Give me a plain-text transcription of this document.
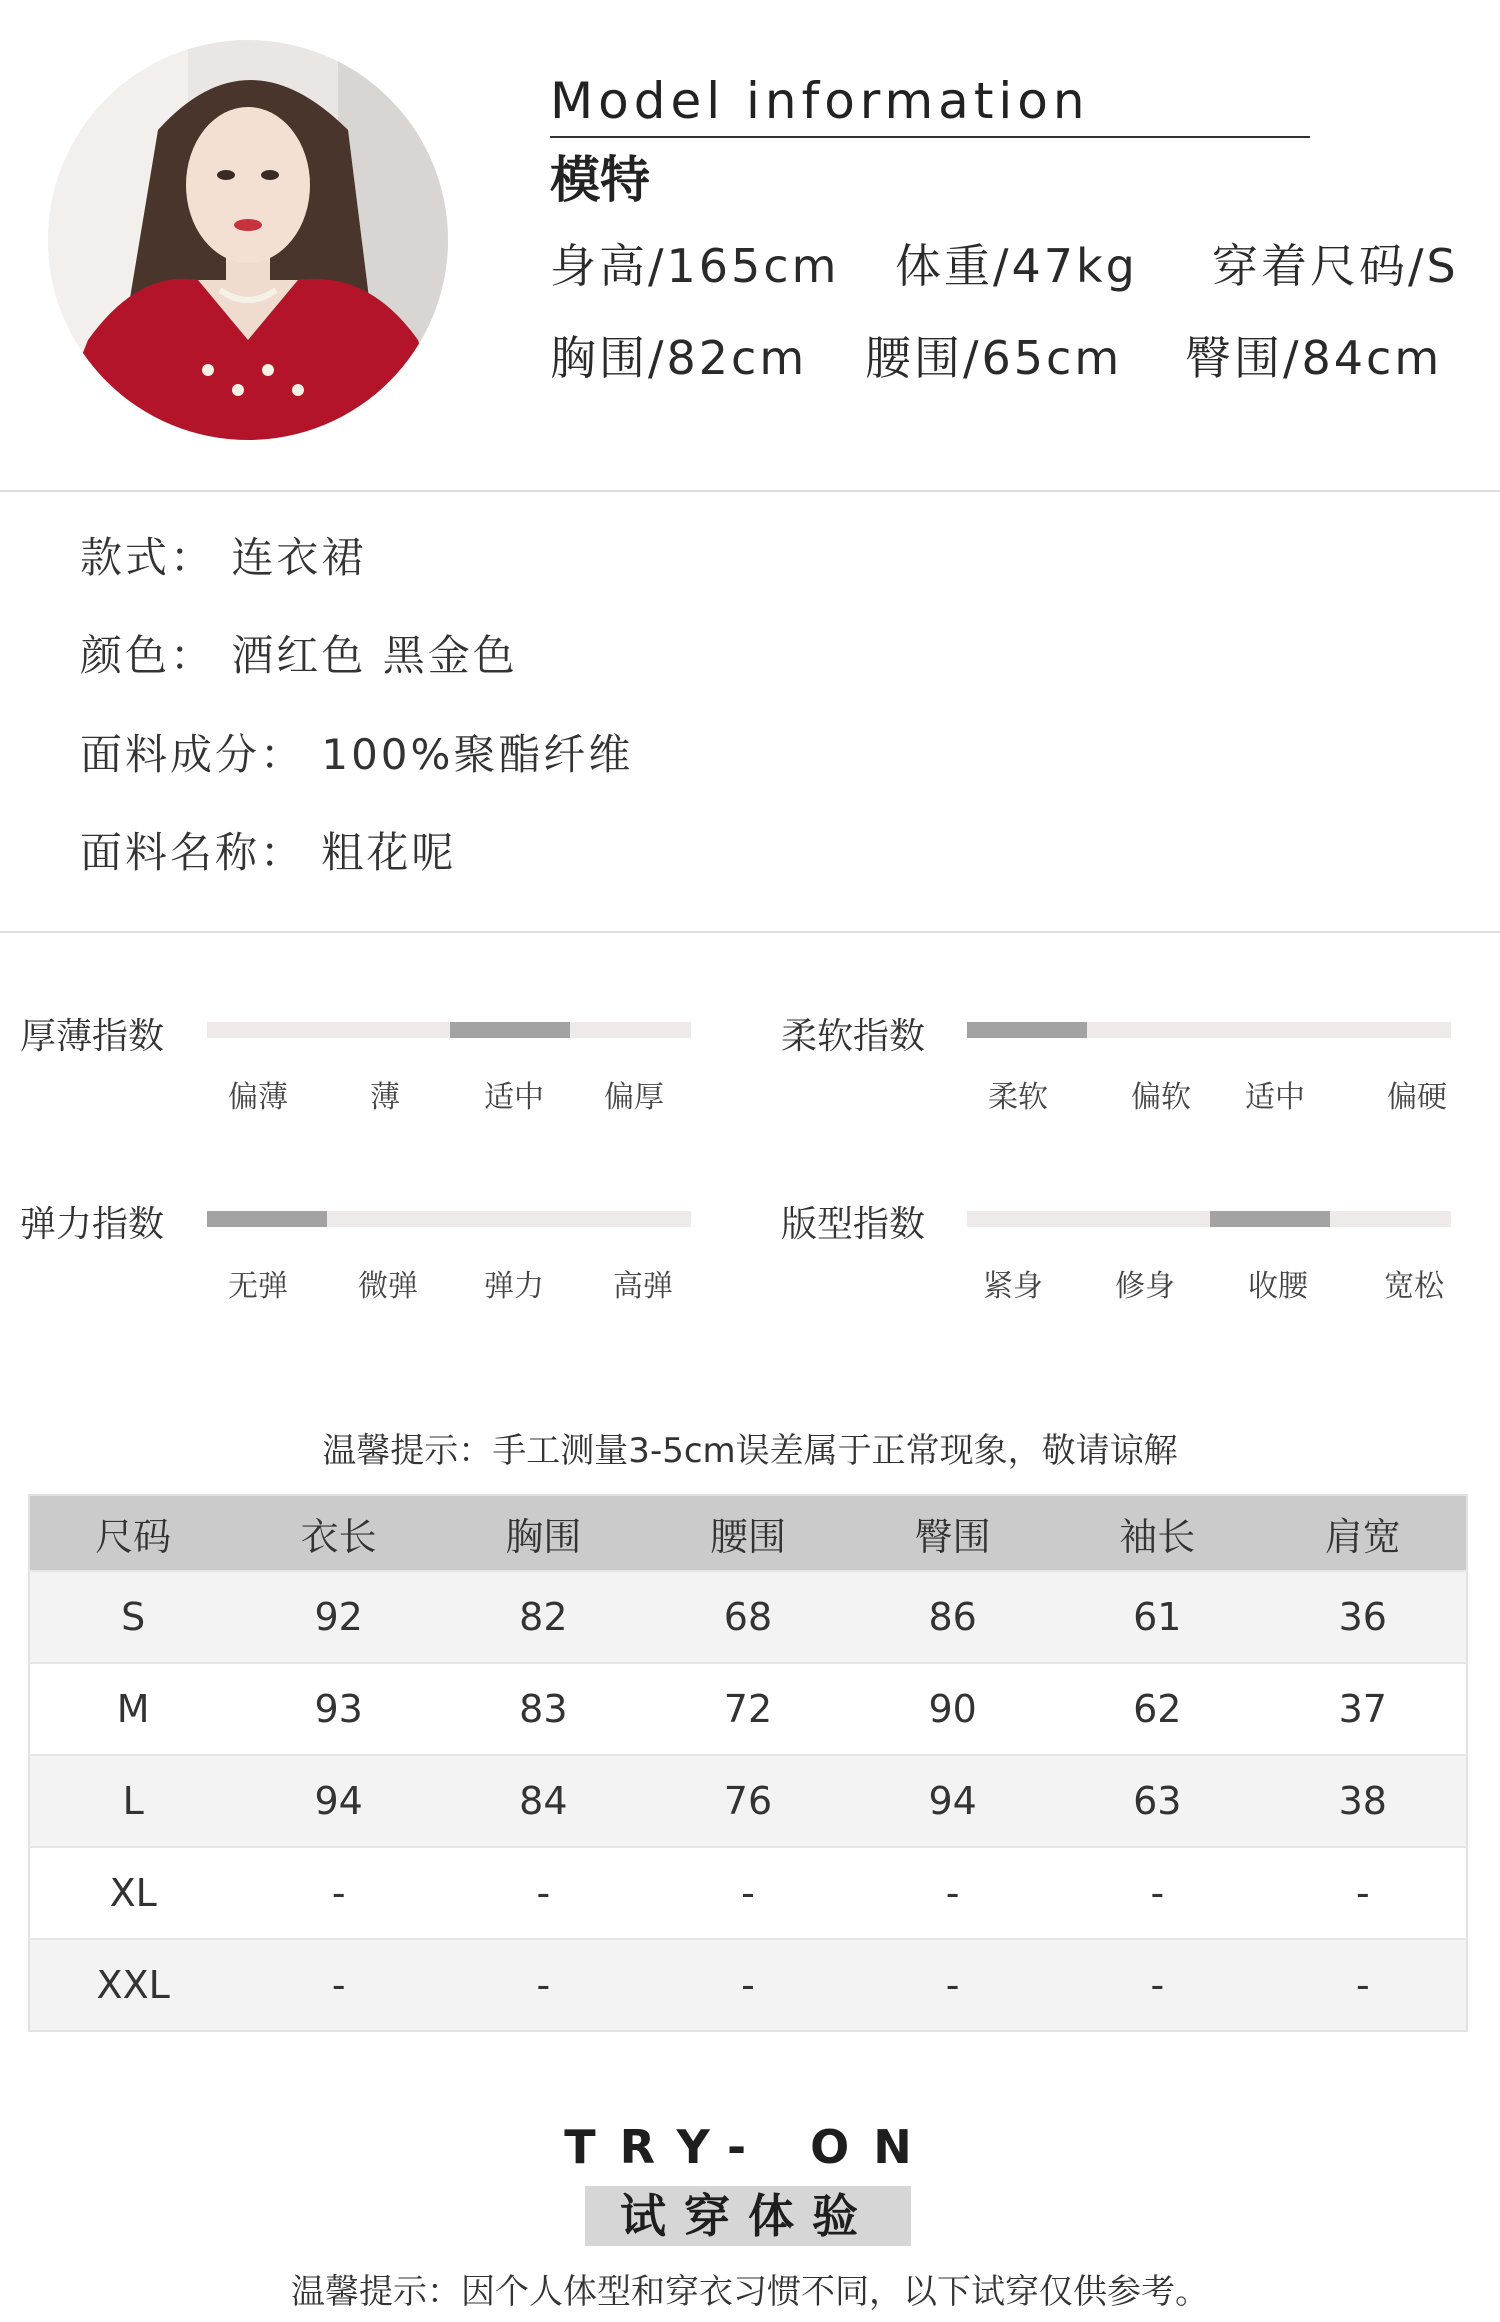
Model information
模特
身高/165cm 体重/47kg 穿着尺码/S
胸围/82cm 腰围/65cm 臀围/84cm
款式： 连衣裙
颜色： 酒红色 黑金色
面料成分： 100%聚酯纤维
面料名称： 粗花呢
厚薄指数
偏薄	薄	适中 偏厚
柔软指数
柔软	偏软 适中	偏硬
弹力指数
无弹 微弹 弹力 高弹
版型指数
紧身 修身 收腰	宽松
温馨提示：手工测量3-5cm误差属于正常现象，敬请谅解
尺码	衣长	胸围	腰围	臀围	袖长	肩宽
S	92	82	68	86	61	36
M	93	83	72	90	62	37
L	94	84	76	94	63	38
XL	-	-	-	-	-	-
XXL	-	-	-	-	-	-
TRY- ON
试穿体验
温馨提示：因个人体型和穿衣习惯不同，以下试穿仅供参考。
